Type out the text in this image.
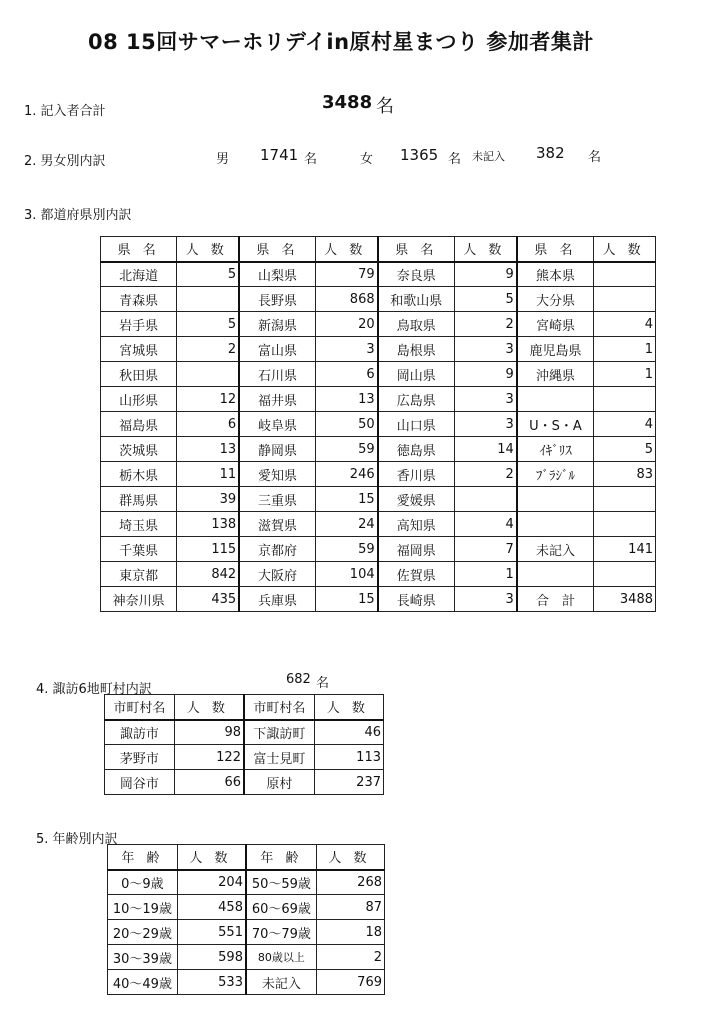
08 15回サマーホリデイin原村星まつり 参加者集計
1. 記入者合計	3488 名
2. 男女別内訳	男 1741 名	女 1365 名 未記入 382 名
3. 都道府県別内訳
県 名	人 数	県 名	人 数	県 名	人 数	県 名	人 数
北海道	5	山梨県	79	奈良県	9	熊本県	
青森県		長野県	868	和歌山県	5	大分県	
岩手県	5	新潟県	20	鳥取県	2	宮崎県	4
宮城県	2	富山県	3	島根県	3	鹿児島県	1
秋田県		石川県	6	岡山県	9	沖縄県	1
山形県	12	福井県	13	広島県	3		
福島県	6	岐阜県	50	山口県	3	U・S・A	4
茨城県	13	静岡県	59	徳島県	14	ｲｷﾞﾘｽ	5
栃木県	11	愛知県	246	香川県	2	ﾌﾞﾗｼﾞﾙ	83
群馬県	39	三重県	15	愛媛県			
埼玉県	138	滋賀県	24	高知県	4		
千葉県	115	京都府	59	福岡県	7	未記入	141
東京都	842	大阪府	104	佐賀県	1		
神奈川県	435	兵庫県	15	長崎県	3	合　計	3488
4. 諏訪6地町村内訳
682 名
市町村名	人 数	市町村名	人 数
諏訪市	98	下諏訪町	46
茅野市	122	富士見町	113
岡谷市	66	原村	237
5. 年齢別内訳
年 齢	人 数	年 齢	人 数
0～9歳	204	50～59歳	268
10～19歳	458	60～69歳	87
20～29歳	551	70～79歳	18
30～39歳	598	80歳以上	2
40～49歳	533	未記入	769
